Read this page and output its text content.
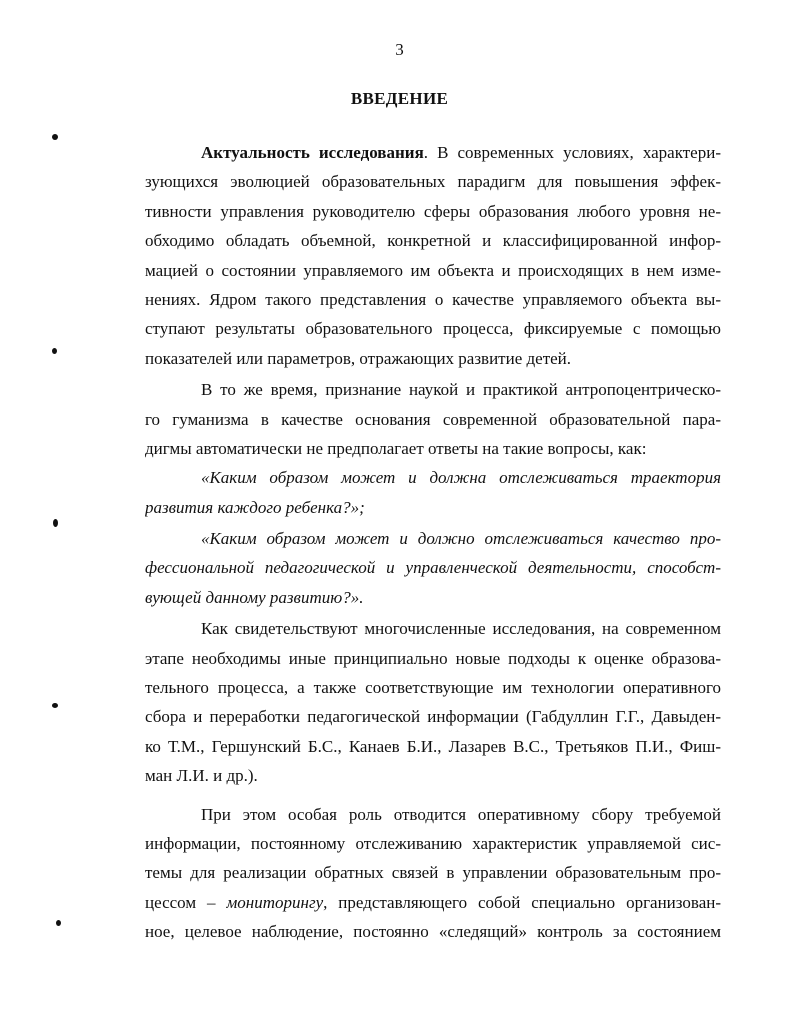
3
ВВЕДЕНИЕ
Актуальность исследования. В современных условиях, характери-
зующихся эволюцией образовательных парадигм для повышения эффек-
тивности управления руководителю сферы образования любого уровня не-
обходимо обладать объемной, конкретной и классифицированной инфор-
мацией о состоянии управляемого им объекта и происходящих в нем изме-
нениях. Ядром такого представления о качестве управляемого объекта вы-
ступают результаты образовательного процесса, фиксируемые с помощью
показателей или параметров, отражающих развитие детей.
В то же время, признание наукой и практикой антропоцентрическо-
го гуманизма в качестве основания современной образовательной пара-
дигмы автоматически не предполагает ответы на такие вопросы, как:
«Каким образом может и должна отслеживаться траектория
развития каждого ребенка?»;
«Каким образом может и должно отслеживаться качество про-
фессиональной педагогической и управленческой деятельности, способст-
вующей данному развитию?».
Как свидетельствуют многочисленные исследования, на современном
этапе необходимы иные принципиально новые подходы к оценке образова-
тельного процесса, а также соответствующие им технологии оперативного
сбора и переработки педагогической информации (Габдуллин Г.Г., Давыден-
ко Т.М., Гершунский Б.С., Канаев Б.И., Лазарев В.С., Третьяков П.И., Фиш-
ман Л.И. и др.).
При этом особая роль отводится оперативному сбору требуемой
информации, постоянному отслеживанию характеристик управляемой сис-
темы для реализации обратных связей в управлении образовательным про-
цессом – мониторингу, представляющего собой специально организован-
ное, целевое наблюдение, постоянно «следящий» контроль за состоянием
